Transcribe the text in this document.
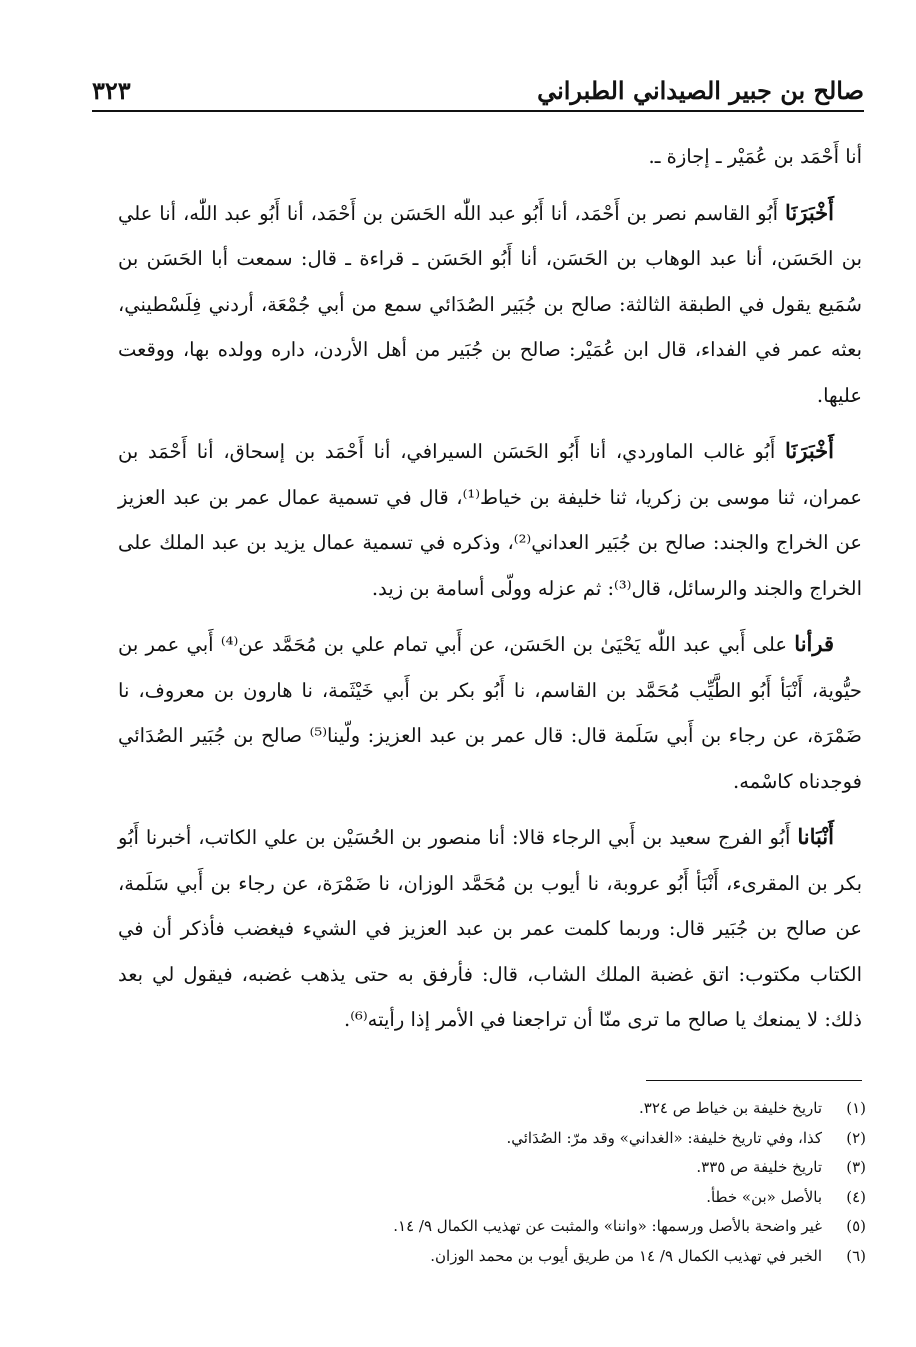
صالح بن جبير الصيداني الطبراني
٣٢٣

أنا أَحْمَد بن عُمَيْر ـ إجازة ـ.

أَخْبَرَنَا أَبُو القاسم نصر بن أَحْمَد، أنا أَبُو عبد اللّٰه الحَسَن بن أَحْمَد، أنا أَبُو عبد اللّٰه، أنا علي بن الحَسَن، أنا عبد الوهاب بن الحَسَن، أنا أَبُو الحَسَن ـ قراءة ـ قال: سمعت أبا الحَسَن بن سُمَيع يقول في الطبقة الثالثة: صالح بن جُبَير الصُدَائي سمع من أبي جُمْعَة، أردني فِلَسْطيني، بعثه عمر في الفداء، قال ابن عُمَيْر: صالح بن جُبَير من أهل الأردن، داره وولده بها، ووقعت عليها.

أَخْبَرَنَا أَبُو غالب الماوردي، أنا أَبُو الحَسَن السيرافي، أنا أَحْمَد بن إسحاق، أنا أَحْمَد بن عمران، ثنا موسى بن زكريا، ثنا خليفة بن خياط⁽¹⁾، قال في تسمية عمال عمر بن عبد العزيز عن الخراج والجند: صالح بن جُبَير العداني⁽²⁾، وذكره في تسمية عمال يزيد بن عبد الملك على الخراج والجند والرسائل، قال⁽³⁾: ثم عزله وولّى أسامة بن زيد.

قرأنا على أَبي عبد اللّٰه يَحْيَىٰ بن الحَسَن، عن أَبي تمام علي بن مُحَمَّد عن⁽⁴⁾ أَبي عمر بن حيُّوية، أَنْبَأ أَبُو الطَّيِّب مُحَمَّد بن القاسم، نا أَبُو بكر بن أَبي خَيْثَمة، نا هارون بن معروف، نا ضَمْرَة، عن رجاء بن أَبي سَلَمة قال: قال عمر بن عبد العزيز: ولّينا⁽⁵⁾ صالح بن جُبَير الصُدَائي فوجدناه كاسْمه.

أَنْبَانا أَبُو الفرج سعيد بن أَبي الرجاء قالا: أنا منصور بن الحُسَيْن بن علي الكاتب، أخبرنا أَبُو بكر بن المقرىء، أَنْبَأ أَبُو عروبة، نا أيوب بن مُحَمَّد الوزان، نا ضَمْرَة، عن رجاء بن أَبي سَلَمة، عن صالح بن جُبَير قال: وربما كلمت عمر بن عبد العزيز في الشيء فيغضب فأذكر أن في الكتاب مكتوب: اتق غضبة الملك الشاب، قال: فأرفق به حتى يذهب غضبه، فيقول لي بعد ذلك: لا يمنعك يا صالح ما ترى منّا أن تراجعنا في الأمر إذا رأيته⁽⁶⁾.

(١)
تاريخ خليفة بن خياط ص ٣٢٤.
(٢)
كذا، وفي تاريخ خليفة: «الغداني» وقد مرّ: الصُدَائي.
(٣)
تاريخ خليفة ص ٣٣٥.
(٤)
بالأصل «بن» خطأ.
(٥)
غير واضحة بالأصل ورسمها: «واننا» والمثبت عن تهذيب الكمال ٩/ ١٤.
(٦)
الخبر في تهذيب الكمال ٩/ ١٤ من طريق أيوب بن محمد الوزان.
